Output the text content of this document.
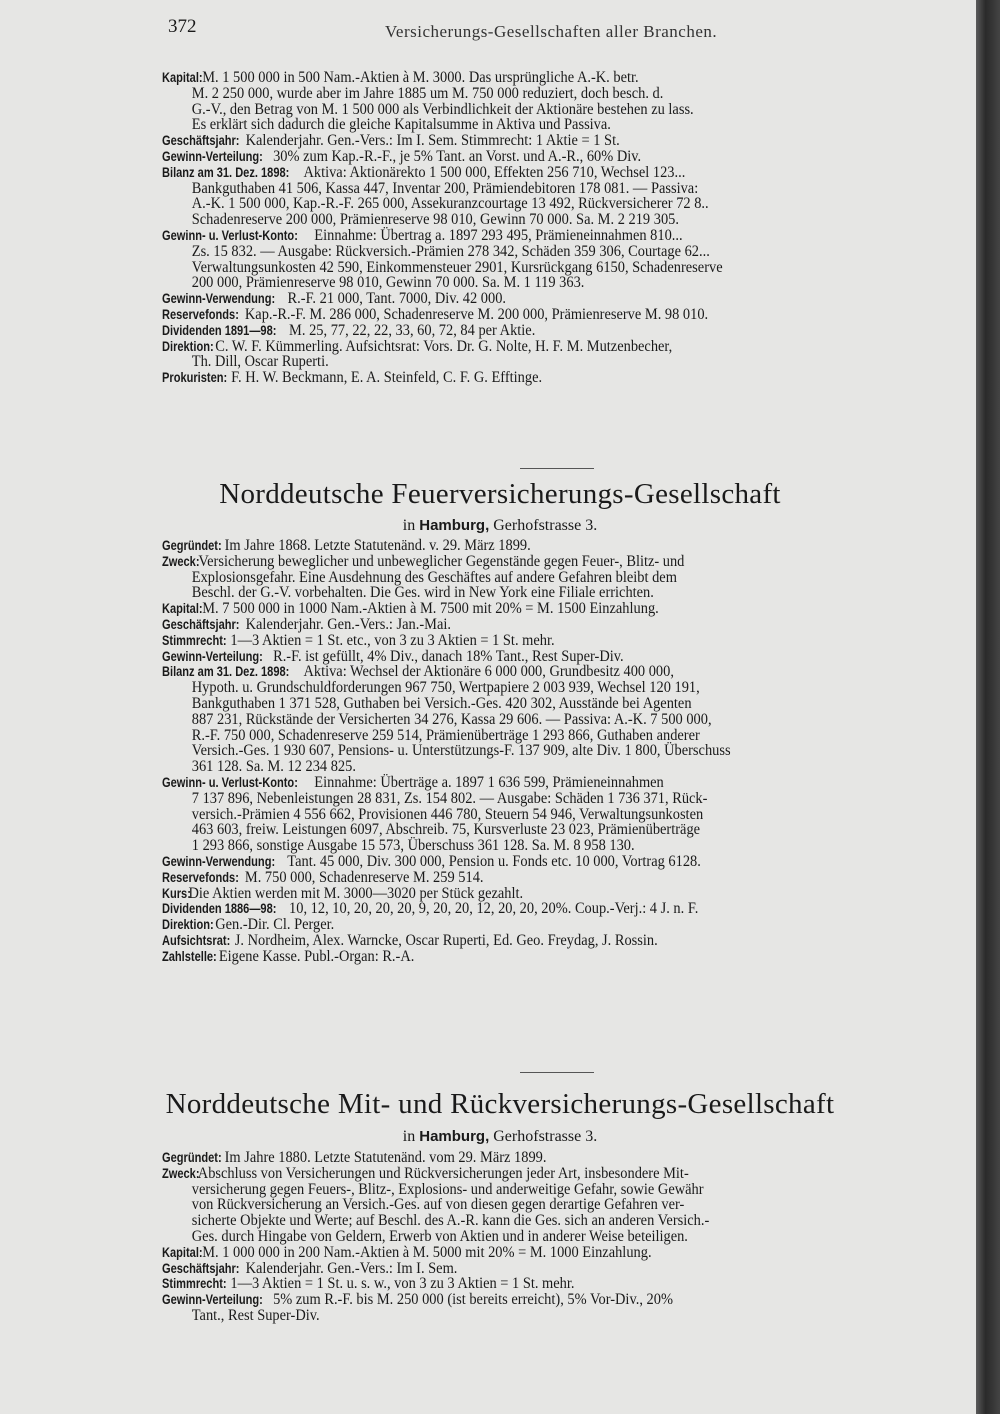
372	Versicherungs-Gesellschaften aller Branchen.
Kapital: M. 1 500 000 in 500 Nam.-Aktien à M. 3000. Das ursprüngliche A.-K. betr.
M. 2 250 000, wurde aber im Jahre 1885 um M. 750 000 reduziert, doch besch. d.
G.-V., den Betrag von M. 1 500 000 als Verbindlichkeit der Aktionäre bestehen zu lass.
Es erklärt sich dadurch die gleiche Kapitalsumme in Aktiva und Passiva.
Geschäftsjahr: Kalenderjahr. Gen.-Vers.: Im I. Sem. Stimmrecht: 1 Aktie = 1 St.
Gewinn-Verteilung: 30% zum Kap.-R.-F., je 5% Tant. an Vorst. und A.-R., 60% Div.
Bilanz am 31. Dez. 1898: Aktiva: Aktionärekto 1 500 000, Effekten 256 710, Wechsel 123...
Bankguthaben 41 506, Kassa 447, Inventar 200, Prämiendebitoren 178 081. — Passiva:
A.-K. 1 500 000, Kap.-R.-F. 265 000, Assekuranzcourtage 13 492, Rückversicherer 72 8..
Schadenreserve 200 000, Prämienreserve 98 010, Gewinn 70 000. Sa. M. 2 219 305.
Gewinn- u. Verlust-Konto: Einnahme: Übertrag a. 1897 293 495, Prämieneinnahmen 810...
Zs. 15 832. — Ausgabe: Rückversich.-Prämien 278 342, Schäden 359 306, Courtage 62...
Verwaltungsunkosten 42 590, Einkommensteuer 2901, Kursrückgang 6150, Schadenreserve
200 000, Prämienreserve 98 010, Gewinn 70 000. Sa. M. 1 119 363.
Gewinn-Verwendung: R.-F. 21 000, Tant. 7000, Div. 42 000.
Reservefonds: Kap.-R.-F. M. 286 000, Schadenreserve M. 200 000, Prämienreserve M. 98 010.
Dividenden 1891—98: M. 25, 77, 22, 22, 33, 60, 72, 84 per Aktie.
Direktion: C. W. F. Kümmerling. Aufsichtsrat: Vors. Dr. G. Nolte, H. F. M. Mutzenbecher,
Th. Dill, Oscar Ruperti.
Prokuristen: F. H. W. Beckmann, E. A. Steinfeld, C. F. G. Efftinge.
Norddeutsche Feuerversicherungs-Gesellschaft
in Hamburg, Gerhofstrasse 3.
Gegründet: Im Jahre 1868. Letzte Statutenänd. v. 29. März 1899.
Zweck: Versicherung beweglicher und unbeweglicher Gegenstände gegen Feuer-, Blitz- und
Explosionsgefahr. Eine Ausdehnung des Geschäftes auf andere Gefahren bleibt dem
Beschl. der G.-V. vorbehalten. Die Ges. wird in New York eine Filiale errichten.
Kapital: M. 7 500 000 in 1000 Nam.-Aktien à M. 7500 mit 20% = M. 1500 Einzahlung.
Geschäftsjahr: Kalenderjahr. Gen.-Vers.: Jan.-Mai.
Stimmrecht: 1—3 Aktien = 1 St. etc., von 3 zu 3 Aktien = 1 St. mehr.
Gewinn-Verteilung: R.-F. ist gefüllt, 4% Div., danach 18% Tant., Rest Super-Div.
Bilanz am 31. Dez. 1898: Aktiva: Wechsel der Aktionäre 6 000 000, Grundbesitz 400 000,
Hypoth. u. Grundschuldforderungen 967 750, Wertpapiere 2 003 939, Wechsel 120 191,
Bankguthaben 1 371 528, Guthaben bei Versich.-Ges. 420 302, Ausstände bei Agenten
887 231, Rückstände der Versicherten 34 276, Kassa 29 606. — Passiva: A.-K. 7 500 000,
R.-F. 750 000, Schadenreserve 259 514, Prämienüberträge 1 293 866, Guthaben anderer
Versich.-Ges. 1 930 607, Pensions- u. Unterstützungs-F. 137 909, alte Div. 1 800, Überschuss
361 128. Sa. M. 12 234 825.
Gewinn- u. Verlust-Konto: Einnahme: Überträge a. 1897 1 636 599, Prämieneinnahmen
7 137 896, Nebenleistungen 28 831, Zs. 154 802. — Ausgabe: Schäden 1 736 371, Rück-
versich.-Prämien 4 556 662, Provisionen 446 780, Steuern 54 946, Verwaltungsunkosten
463 603, freiw. Leistungen 6097, Abschreib. 75, Kursverluste 23 023, Prämienüberträge
1 293 866, sonstige Ausgabe 15 573, Überschuss 361 128. Sa. M. 8 958 130.
Gewinn-Verwendung: Tant. 45 000, Div. 300 000, Pension u. Fonds etc. 10 000, Vortrag 6128.
Reservefonds: M. 750 000, Schadenreserve M. 259 514.
Kurs: Die Aktien werden mit M. 3000—3020 per Stück gezahlt.
Dividenden 1886—98: 10, 12, 10, 20, 20, 20, 9, 20, 20, 12, 20, 20, 20%. Coup.-Verj.: 4 J. n. F.
Direktion: Gen.-Dir. Cl. Perger.
Aufsichtsrat: J. Nordheim, Alex. Warncke, Oscar Ruperti, Ed. Geo. Freydag, J. Rossin.
Zahlstelle: Eigene Kasse. Publ.-Organ: R.-A.
Norddeutsche Mit- und Rückversicherungs-Gesellschaft
in Hamburg, Gerhofstrasse 3.
Gegründet: Im Jahre 1880. Letzte Statutenänd. vom 29. März 1899.
Zweck: Abschluss von Versicherungen und Rückversicherungen jeder Art, insbesondere Mit-
versicherung gegen Feuers-, Blitz-, Explosions- und anderweitige Gefahr, sowie Gewähr
von Rückversicherung an Versich.-Ges. auf von diesen gegen derartige Gefahren ver-
sicherte Objekte und Werte; auf Beschl. des A.-R. kann die Ges. sich an anderen Versich.-
Ges. durch Hingabe von Geldern, Erwerb von Aktien und in anderer Weise beteiligen.
Kapital: M. 1 000 000 in 200 Nam.-Aktien à M. 5000 mit 20% = M. 1000 Einzahlung.
Geschäftsjahr: Kalenderjahr. Gen.-Vers.: Im I. Sem.
Stimmrecht: 1—3 Aktien = 1 St. u. s. w., von 3 zu 3 Aktien = 1 St. mehr.
Gewinn-Verteilung: 5% zum R.-F. bis M. 250 000 (ist bereits erreicht), 5% Vor-Div., 20%
Tant., Rest Super-Div.
